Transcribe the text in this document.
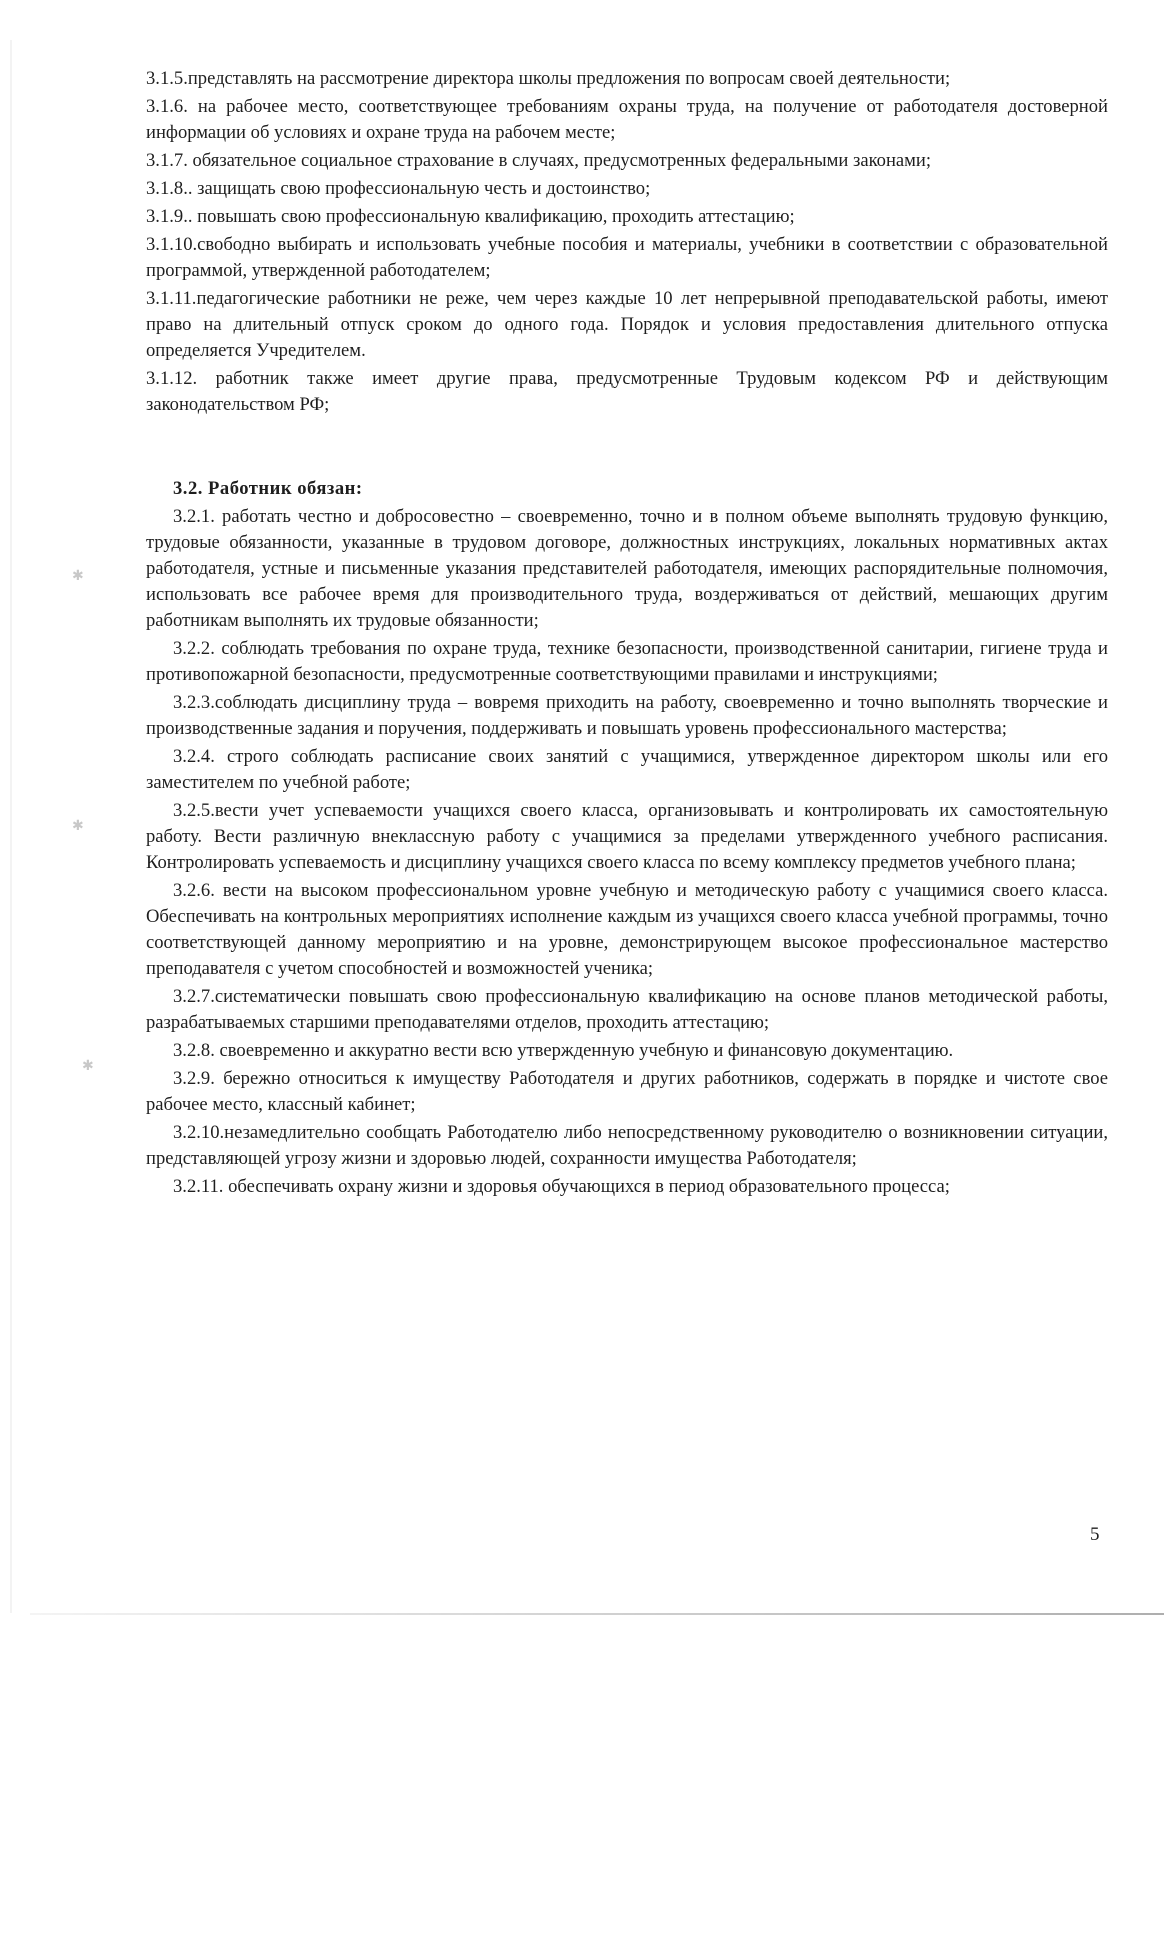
✱
✱
✱

3.1.5.представлять на рассмотрение директора школы предложения по вопросам своей деятельности;

3.1.6. на рабочее место, соответствующее требованиям охраны труда, на получение от работодателя достоверной информации об условиях и охране труда на рабочем месте;

3.1.7. обязательное социальное страхование в случаях, предусмотренных федеральными законами;

3.1.8.. защищать свою профессиональную честь и достоинство;

3.1.9.. повышать свою профессиональную квалификацию, проходить аттестацию;

3.1.10.свободно выбирать и использовать учебные пособия и материалы, учебники в соответствии с образовательной программой, утвержденной работодателем;

3.1.11.педагогические работники не реже, чем через каждые 10 лет непрерывной преподавательской работы, имеют право на длительный отпуск сроком до одного года. Порядок и условия предоставления длительного отпуска определяется Учредителем.

3.1.12. работник также имеет другие права, предусмотренные Трудовым кодексом РФ и действующим законодательством РФ;

3.2. Работник обязан:

3.2.1. работать честно и добросовестно – своевременно, точно и в полном объеме выполнять трудовую функцию, трудовые обязанности, указанные в трудовом договоре, должностных инструкциях, локальных нормативных актах работодателя, устные и письменные указания представителей работодателя, имеющих распорядительные полномочия, использовать все рабочее время для производительного труда, воздерживаться от действий, мешающих другим работникам выполнять их трудовые обязанности;

3.2.2. соблюдать требования по охране труда, технике безопасности, производственной санитарии, гигиене труда и противопожарной безопасности, предусмотренные соответствующими правилами и инструкциями;

3.2.3.соблюдать дисциплину труда – вовремя приходить на работу, своевременно и точно выполнять творческие и производственные задания и поручения, поддерживать и повышать уровень профессионального мастерства;

3.2.4. строго соблюдать расписание своих занятий с учащимися, утвержденное директором школы или его заместителем по учебной работе;

3.2.5.вести учет успеваемости учащихся своего класса, организовывать и контролировать их самостоятельную работу. Вести различную внеклассную работу с учащимися за пределами утвержденного учебного расписания. Контролировать успеваемость и дисциплину учащихся своего класса по всему комплексу предметов учебного плана;

3.2.6. вести на высоком профессиональном уровне учебную и методическую работу с учащимися своего класса. Обеспечивать на контрольных мероприятиях исполнение каждым из учащихся своего класса учебной программы, точно соответствующей данному мероприятию и на уровне, демонстрирующем высокое профессиональное мастерство преподавателя с учетом способностей и возможностей ученика;

3.2.7.систематически повышать свою профессиональную квалификацию на основе планов методической работы, разрабатываемых старшими преподавателями отделов, проходить аттестацию;

3.2.8. своевременно и аккуратно вести всю утвержденную учебную и финансовую документацию.

3.2.9. бережно относиться к имуществу Работодателя и других работников, содержать в порядке и чистоте свое рабочее место, классный кабинет;

3.2.10.незамедлительно сообщать Работодателю либо непосредственному руководителю о возникновении ситуации, представляющей угрозу жизни и здоровью людей, сохранности имущества Работодателя;

3.2.11. обеспечивать охрану жизни и здоровья обучающихся в период образовательного процесса;

5
